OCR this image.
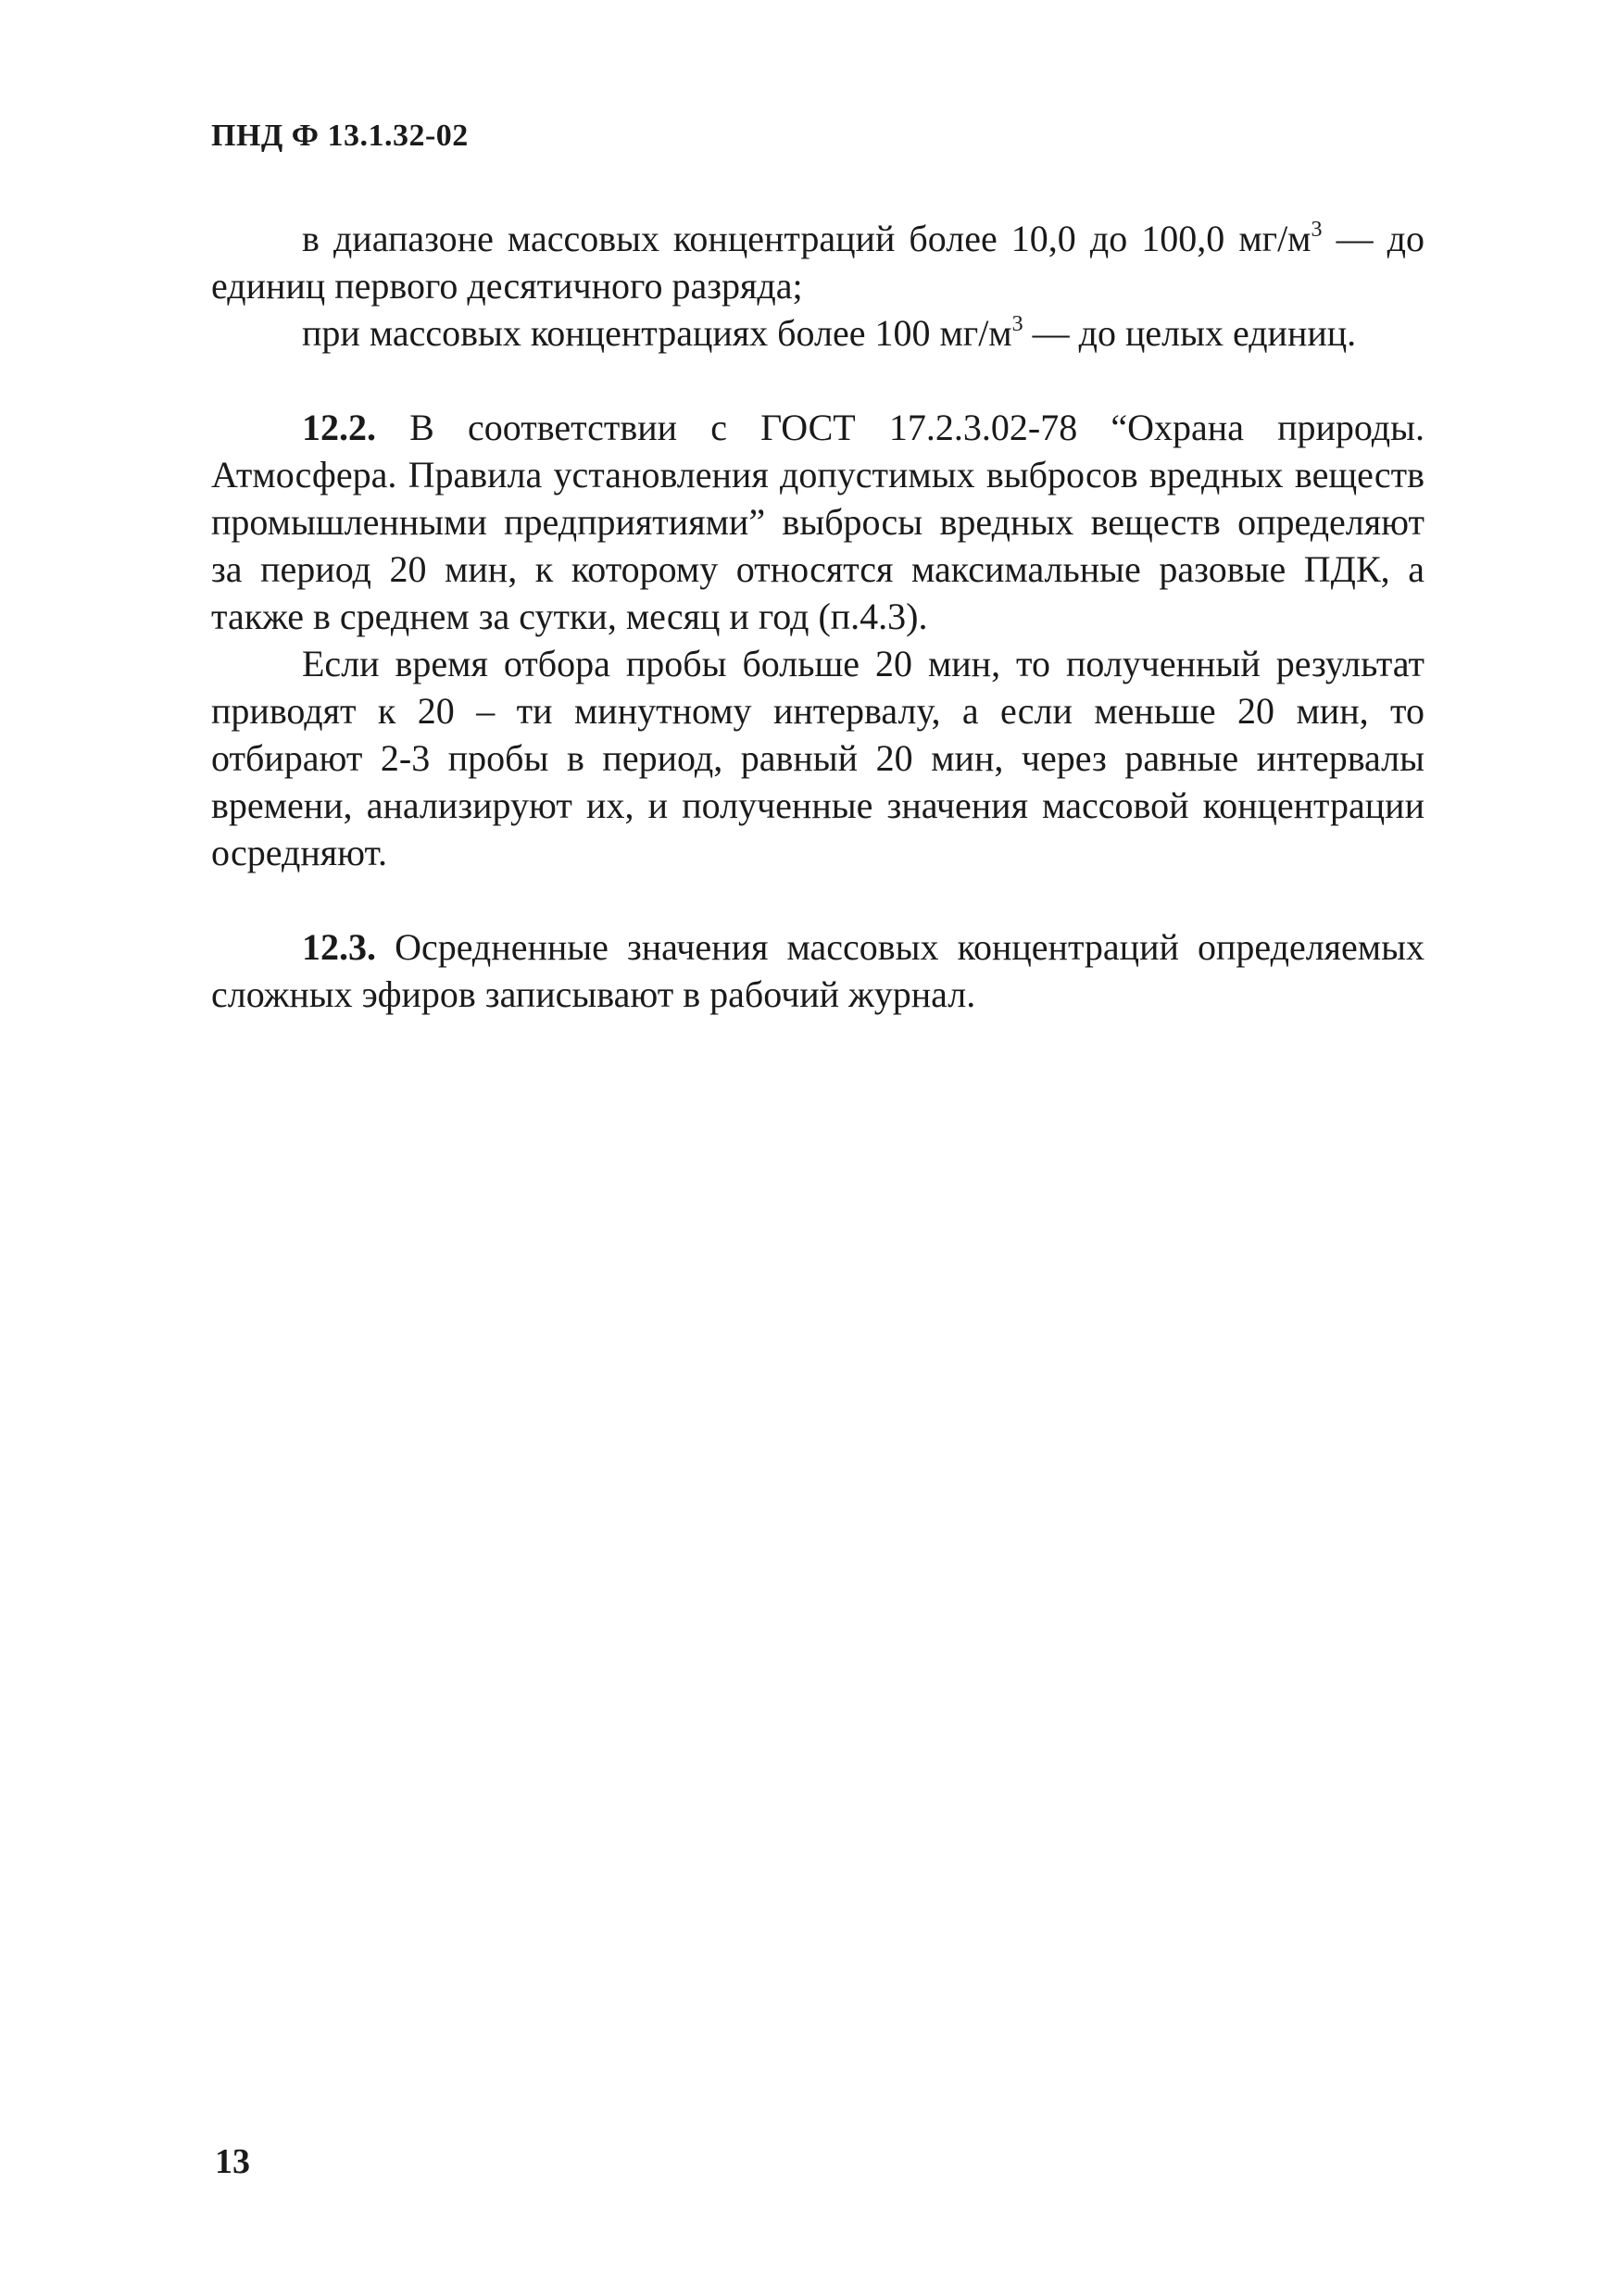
ПНД Ф 13.1.32-02

в диапазоне массовых концентраций более 10,0 до 100,0 $мг/м^3$ — до единиц первого десятичного разряда;

при массовых концентрациях более 100 $мг/м^3$ — до целых единиц.

12.2. В соответствии с ГОСТ 17.2.3.02-78 “Охрана природы. Атмосфера. Правила установления допустимых выбросов вредных веществ промышленными предприятиями” выбросы вредных веществ определяют за период 20 мин, к которому относятся максимальные разовые ПДК, а также в среднем за сутки, месяц и год (п.4.3).

Если время отбора пробы больше 20 мин, то полученный результат приводят к 20 – ти минутному интервалу, а если меньше 20 мин, то отбирают 2-3 пробы в период, равный 20 мин, через равные интервалы времени, анализируют их, и полученные значения массовой концентрации осредняют.

12.3. Осредненные значения массовых концентраций определяемых сложных эфиров записывают в рабочий журнал.

13
